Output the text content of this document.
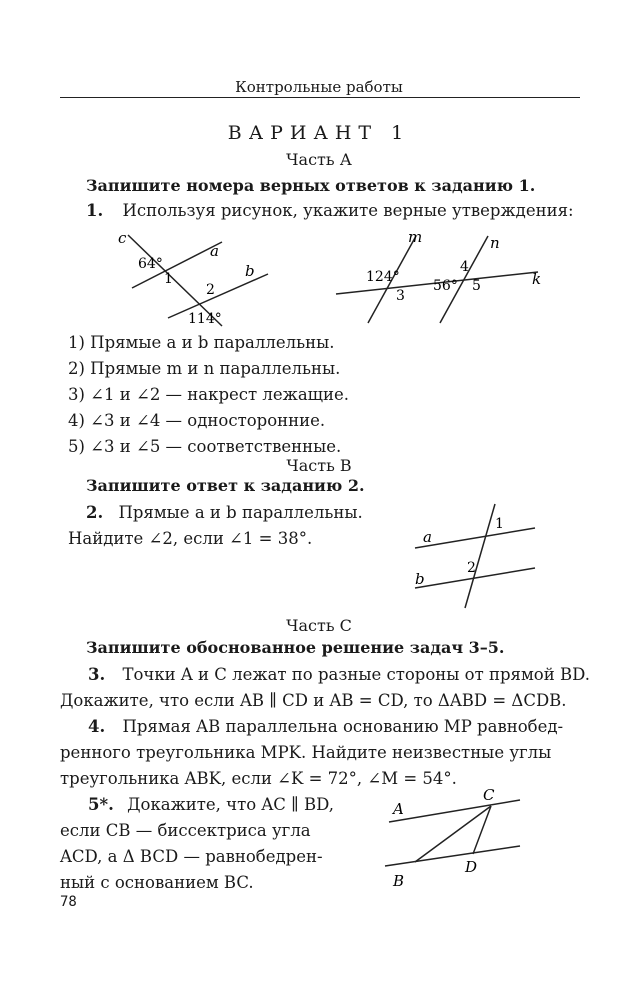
Контрольные работы
ВАРИАНТ 1
Часть А
Запишите номера верных ответов к заданию 1.
1. Используя рисунок, укажите верные утверждения:
c
a
b
64°
1
2
114°
m	n
k
124°
3
4
56° 5
1) Прямые a и b параллельны.
2) Прямые m и n параллельны.
3) ∠1 и ∠2 — накрест лежащие.
4) ∠3 и ∠4 — односторонние.
5) ∠3 и ∠5 — соответственные.
Часть В
Запишите ответ к заданию 2.
2. Прямые a и b параллельны.
Найдите ∠2, если ∠1 = 38°.	a
b
1
2
Часть С
Запишите обоснованное решение задач 3–5.
3. Точки A и C лежат по разные стороны от прямой BD.
Докажите, что если AB ∥ CD и AB = CD, то ΔABD = ΔCDB.
4. Прямая AB параллельна основанию MP равнобед-
ренного треугольника MPK. Найдите неизвестные углы
треугольника ABK, если ∠K = 72°, ∠M = 54°.
5*. Докажите, что AC ∥ BD,
если CB — биссектриса угла
ACD, а Δ BCD — равнобедрен-
ный с основанием BC.
A
C
B
D
78
